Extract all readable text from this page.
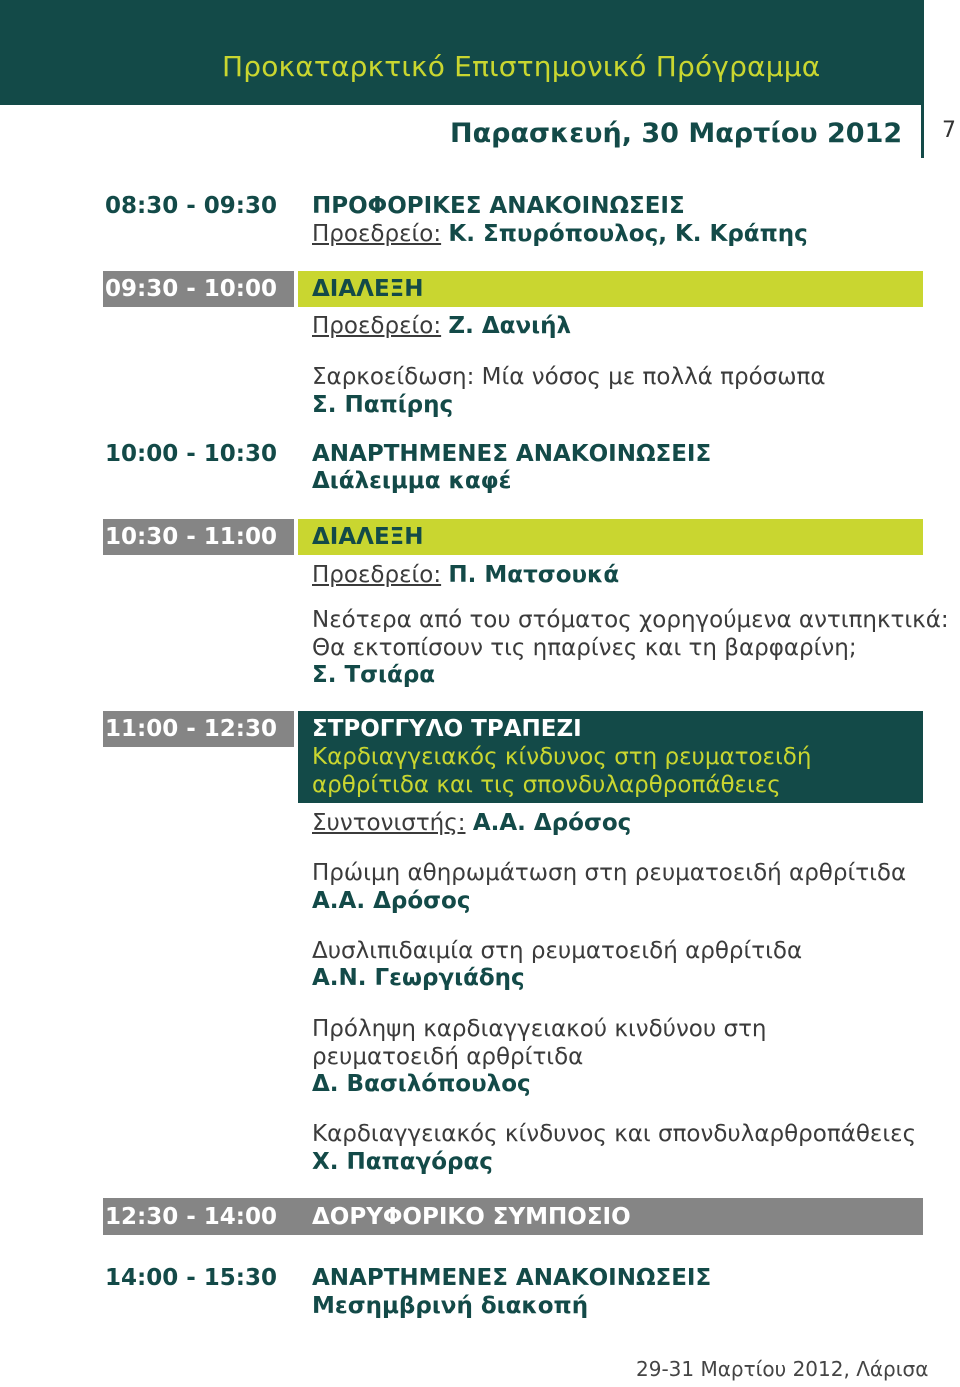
Προκαταρκτικό Επιστημονικό Πρόγραμμα
7
Παρασκευή, 30 Μαρτίου 2012
08:30 - 09:30 ΠΡΟΦΟΡΙΚΕΣ ΑΝΑΚΟΙΝΩΣΕΙΣ
Προεδρείο: Κ. Σπυρόπουλος, Κ. Κράπης
09:30 - 10:00 ΔΙΑΛΕΞΗ
Προεδρείο: Ζ. Δανιήλ
Σαρκοείδωση: Μία νόσος με πολλά πρόσωπα
Σ. Παπίρης
10:00 - 10:30 ΑΝΑΡΤΗΜΕΝΕΣ ΑΝΑΚΟΙΝΩΣΕΙΣ
Διάλειμμα καφέ
10:30 - 11:00 ΔΙΑΛΕΞΗ
Προεδρείο: Π. Ματσουκά
Νεότερα από του στόματος χορηγούμενα αντιπηκτικά:
Θα εκτοπίσουν τις ηπαρίνες και τη βαρφαρίνη;
Σ. Τσιάρα
11:00 - 12:30 ΣΤΡΟΓΓΥΛΟ ΤΡΑΠΕΖΙ
Καρδιαγγειακός κίνδυνος στη ρευματοειδή
αρθρίτιδα και τις σπονδυλαρθροπάθειες
Συντονιστής: Α.Α. Δρόσος
Πρώιμη αθηρωμάτωση στη ρευματοειδή αρθρίτιδα
Α.Α. Δρόσος
Δυσλιπιδαιμία στη ρευματοειδή αρθρίτιδα
Α.Ν. Γεωργιάδης
Πρόληψη καρδιαγγειακού κινδύνου στη
ρευματοειδή αρθρίτιδα
Δ. Βασιλόπουλος
Καρδιαγγειακός κίνδυνος και σπονδυλαρθροπάθειες
Χ. Παπαγόρας
12:30 - 14:00 ΔΟΡΥΦΟΡΙΚΟ ΣΥΜΠΟΣΙΟ
14:00 - 15:30 ΑΝΑΡΤΗΜΕΝΕΣ ΑΝΑΚΟΙΝΩΣΕΙΣ
Μεσημβρινή διακοπή
29-31 Μαρτίου 2012, Λάρισα
